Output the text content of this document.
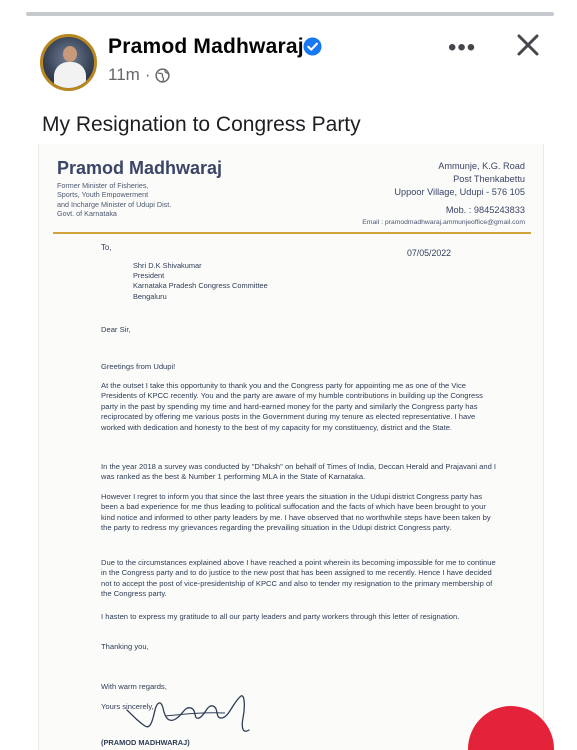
Pramod Madhwaraj
11m ·
•••
My Resignation to Congress Party
Pramod Madhwaraj
Former Minister of Fisheries,
Sports, Youth Empowerment
and Incharge Minister of Udupi Dist.
Govt. of Karnataka
Ammunje, K.G. Road
Post Thenkabettu
Uppoor Village, Udupi - 576 105
Mob. : 9845243833
Email : pramodmadhwaraj.ammunjeoffice@gmail.com
To,
07/05/2022
Shri D.K Shivakumar
President
Karnataka Pradesh Congress Committee
Bengaluru
Dear Sir,
Greetings from Udupi!
At the outset I take this opportunity to thank you and the Congress party for appointing me as one of the Vice Presidents of KPCC recently. You and the party are aware of my humble contributions in building up the Congress party in the past by spending my time and hard-earned money for the party and similarly the Congress party has reciprocated by offering me various posts in the Government during my tenure as elected representative. I have worked with dedication and honesty to the best of my capacity for my constituency, district and the State.
In the year 2018 a survey was conducted by "Dhaksh" on behalf of Times of India, Deccan Herald and Prajavani and I was ranked as the best & Number 1 performing MLA in the State of Karnataka.
However I regret to inform you that since the last three years the situation in the Udupi district Congress party has been a bad experience for me thus leading to political suffocation and the facts of which have been brought to your kind notice and informed to other party leaders by me. I have observed that no worthwhile steps have been taken by the party to redress my grievances regarding the prevailing situation in the Udupi district Congress party.
Due to the circumstances explained above I have reached a point wherein its becoming impossible for me to continue in the Congress party and to do justice to the new post that has been assigned to me recently. Hence I have decided not to accept the post of vice-presidentship of KPCC and also to tender my resignation to the primary membership of the Congress party.
I hasten to express my gratitude to all our party leaders and party workers through this letter of resignation.
Thanking you,
With warm regards,
Yours sincerely,
(PRAMOD MADHWARAJ)
